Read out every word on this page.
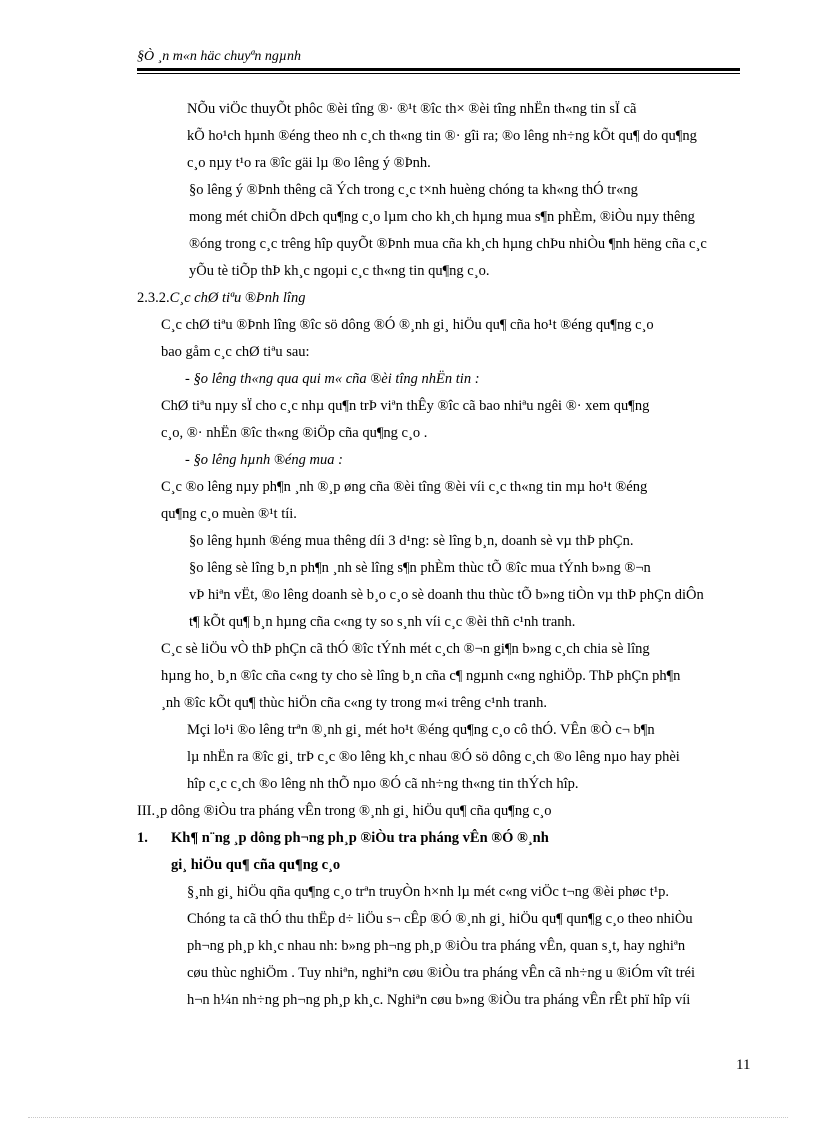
§Ò ¸n m«n häc chuyªn ngµnh

NÕu viÖc thuyÕt phôc ®èi tîng ®· ®¹t ®îc th× ®èi tîng nhËn th«ng tin sÏ cã
kÕ ho¹ch hµnh ®éng theo nh c¸ch th«ng tin ®· gîi ra; ®o lêng nh÷ng kÕt qu¶ do qu¶ng
c¸o nµy t¹o ra ®îc gäi lµ ®o lêng ý ®Þnh.

§o lêng ý ®Þnh thêng cã Ých trong c¸c t×nh huèng chóng ta kh«ng thÓ tr«ng
mong mét chiÕn dÞch qu¶ng c¸o lµm cho kh¸ch hµng mua s¶n phÈm, ®iÒu nµy thêng
®óng trong c¸c trêng hîp quyÕt ®Þnh mua cña kh¸ch hµng chÞu nhiÒu ¶nh hëng cña c¸c
yÕu tè tiÕp thÞ kh¸c ngoµi c¸c th«ng tin qu¶ng c¸o.

2.3.2.C¸c chØ tiªu ®Þnh lîng

C¸c chØ tiªu ®Þnh lîng ®îc sö dông ®Ó ®¸nh gi¸ hiÖu qu¶ cña ho¹t ®éng qu¶ng c¸o
bao gåm c¸c chØ tiªu sau:

- §o lêng th«ng qua qui m« cña ®èi tîng nhËn tin :

ChØ tiªu nµy sÏ cho c¸c nhµ qu¶n trÞ viªn thÊy ®îc cã bao nhiªu ngêi ®· xem qu¶ng
c¸o, ®· nhËn ®îc th«ng ®iÖp cña qu¶ng c¸o .

- §o lêng hµnh ®éng mua :

C¸c ®o lêng nµy ph¶n ¸nh ®¸p øng cña ®èi tîng ®èi víi c¸c th«ng tin mµ ho¹t ®éng
qu¶ng c¸o muèn ®¹t tíi.

§o lêng hµnh ®éng mua thêng díi 3 d¹ng: sè lîng b¸n, doanh sè vµ thÞ phÇn.

§o lêng sè lîng b¸n ph¶n ¸nh sè lîng s¶n phÈm thùc tÕ ®îc mua tÝnh b»ng ®¬n
vÞ hiªn vËt, ®o lêng doanh sè b¸o c¸o sè doanh thu thùc tÕ b»ng tiÒn vµ thÞ phÇn diÔn
t¶ kÕt qu¶ b¸n hµng cña c«ng ty so s¸nh víi c¸c ®èi thñ c¹nh tranh.

C¸c sè liÖu vÒ thÞ phÇn cã thÓ ®îc tÝnh mét c¸ch ®¬n gi¶n b»ng c¸ch chia sè lîng
hµng ho¸ b¸n ®îc cña c«ng ty cho sè lîng b¸n cña c¶ ngµnh c«ng nghiÖp. ThÞ phÇn ph¶n
¸nh ®îc kÕt qu¶ thùc hiÖn cña c«ng ty trong m«i trêng c¹nh tranh.

Mçi lo¹i ®o lêng trªn ®¸nh gi¸ mét ho¹t ®éng qu¶ng c¸o cô thÓ. VÊn ®Ò c¬ b¶n
lµ nhËn ra ®îc gi¸ trÞ c¸c ®o lêng kh¸c nhau ®Ó sö dông c¸ch ®o lêng nµo hay phèi
hîp c¸c c¸ch ®o lêng nh thÕ nµo ®Ó cã nh÷ng th«ng tin thÝch hîp.

III.¸p dông ®iÒu tra pháng vÊn trong ®¸nh gi¸ hiÖu qu¶ cña qu¶ng c¸o

1. Kh¶ n¨ng ¸p dông ph¬ng ph¸p ®iÒu tra pháng vÊn ®Ó ®¸nh
gi¸ hiÖu qu¶ cña qu¶ng c¸o

§¸nh gi¸ hiÖu qña qu¶ng c¸o trªn truyÒn h×nh lµ mét c«ng viÖc t¬ng ®èi phøc t¹p.
Chóng ta cã thÓ thu thËp d÷ liÖu s¬ cÊp ®Ó ®¸nh gi¸ hiÖu qu¶ qun¶g c¸o theo nhiÒu
ph¬ng ph¸p kh¸c nhau nh: b»ng ph¬ng ph¸p ®iÒu tra pháng vÊn, quan s¸t, hay nghiªn
cøu thùc nghiÖm . Tuy nhiªn, nghiªn cøu ®iÒu tra pháng vÊn cã nh÷ng u ®iÓm vît tréi
h¬n h¼n nh÷ng ph¬ng ph¸p kh¸c. Nghiªn cøu b»ng ®iÒu tra pháng vÊn rÊt phï hîp víi

11
